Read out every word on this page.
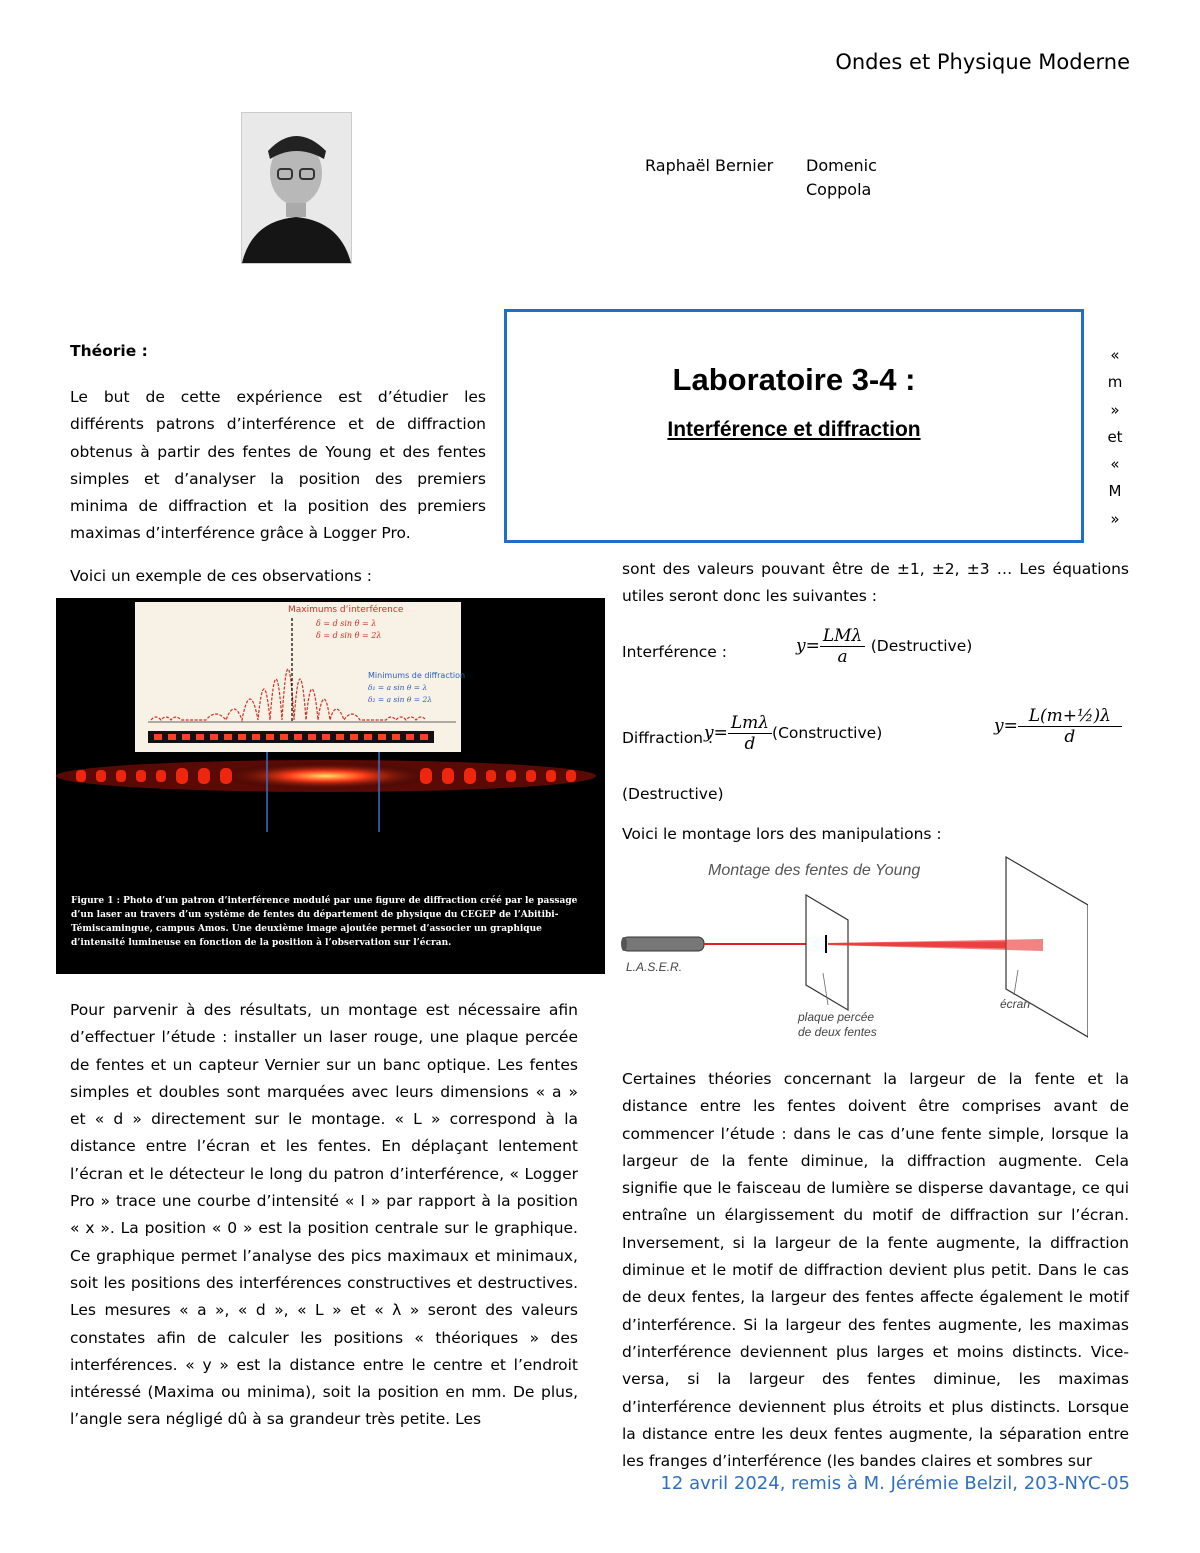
Ondes et Physique Moderne
Raphaël Bernier Domenic
Coppola
Laboratoire 3-4 :
Interférence et diffraction
«
m
»
et
«
M
»
Théorie :
Le but de cette expérience est d’étudier les différents patrons d’interférence et de diffraction obtenus à partir des fentes de Young et des fentes simples et d’analyser la position des premiers minima de diffraction et la position des premiers maximas d’interférence grâce à Logger Pro.
Voici un exemple de ces observations :
Maximums d’interférence
δ = d sin θ = λ
δ = d sin θ = 2λ
Minimums de diffraction
δ₁ = a sin θ = λ
δ₂ = a sin θ = 2λ
Figure 1 : Photo d’un patron d’interférence modulé par une figure de diffraction créé par le passage d’un laser au travers d’un système de fentes du département de physique du CEGEP de l’Abitibi-Témiscamingue, campus Amos. Une deuxième image ajoutée permet d’associer un graphique d’intensité lumineuse en fonction de la position à l’observation sur l’écran.
Pour parvenir à des résultats, un montage est nécessaire afin d’effectuer l’étude : installer un laser rouge, une plaque percée de fentes et un capteur Vernier sur un banc optique. Les fentes simples et doubles sont marquées avec leurs dimensions « a » et « d » directement sur le montage. « L » correspond à la distance entre l’écran et les fentes. En déplaçant lentement l’écran et le détecteur le long du patron d’interférence, « Logger Pro » trace une courbe d’intensité « I » par rapport à la position « x ». La position « 0 » est la position centrale sur le graphique. Ce graphique permet l’analyse des pics maximaux et minimaux, soit les positions des interférences constructives et destructives. Les mesures « a », « d », « L » et « λ » seront des valeurs constates afin de calculer les positions « théoriques » des interférences. « y » est la distance entre le centre et l’endroit intéressé (Maxima ou minima), soit la position en mm. De plus, l’angle sera négligé dû à sa grandeur très petite. Les
sont des valeurs pouvant être de ±1, ±2, ±3 … Les équations utiles seront donc les suivantes :
Interférence :	$y= \frac{\text{LMλ}}{a}$ (Destructive)
Diffraction :
$y= \frac{\text{Lmλ}}{d}$ (Constructive)	$y= \frac{\text{L(m+½)λ}}{d}$
(Destructive)
Voici le montage lors des manipulations :
Montage des fentes de Young
L.A.S.E.R.
plaque percée
de deux fentes
écran
Certaines théories concernant la largeur de la fente et la distance entre les fentes doivent être comprises avant de commencer l’étude : dans le cas d’une fente simple, lorsque la largeur de la fente diminue, la diffraction augmente. Cela signifie que le faisceau de lumière se disperse davantage, ce qui entraîne un élargissement du motif de diffraction sur l’écran. Inversement, si la largeur de la fente augmente, la diffraction diminue et le motif de diffraction devient plus petit. Dans le cas de deux fentes, la largeur des fentes affecte également le motif d’interférence. Si la largeur des fentes augmente, les maximas d’interférence deviennent plus larges et moins distincts. Vice-versa, si la largeur des fentes diminue, les maximas d’interférence deviennent plus étroits et plus distincts. Lorsque la distance entre les deux fentes augmente, la séparation entre les franges d’interférence (les bandes claires et sombres sur
12 avril 2024, remis à M. Jérémie Belzil, 203-NYC-05
